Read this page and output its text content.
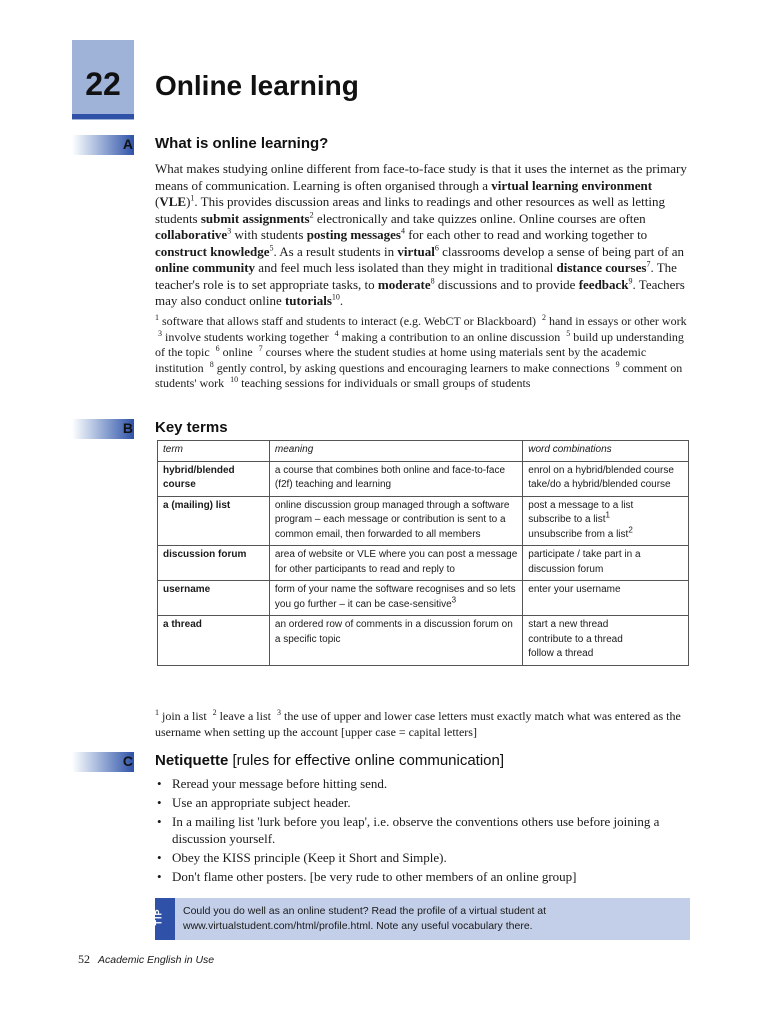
22	Online learning
A What is online learning?
What makes studying online different from face-to-face study is that it uses the internet as the primary means of communication. Learning is often organised through a virtual learning environment (VLE)$^1$. This provides discussion areas and links to readings and other resources as well as letting students submit assignments$^2$ electronically and take quizzes online. Online courses are often collaborative$^3$ with students posting messages$^4$ for each other to read and working together to construct knowledge$^5$. As a result students in virtual$^6$ classrooms develop a sense of being part of an online community and feel much less isolated than they might in traditional distance courses$^7$. The teacher's role is to set appropriate tasks, to moderate$^8$ discussions and to provide feedback$^9$. Teachers may also conduct online tutorials$^{10}$.
$^1$ software that allows staff and students to interact (e.g. WebCT or Blackboard)  $^2$ hand in essays or other work  $^3$ involve students working together  $^4$ making a contribution to an online discussion  $^5$ build up understanding of the topic  $^6$ online  $^7$ courses where the student studies at home using materials sent by the academic institution  $^8$ gently control, by asking questions and encouraging learners to make connections  $^9$ comment on students' work  $^{10}$ teaching sessions for individuals or small groups of students
B Key terms
term	meaning	word combinations
hybrid/blended course	a course that combines both online and face-to-face (f2f) teaching and learning	enrol on a hybrid/blended course
take/do a hybrid/blended course
a (mailing) list	online discussion group managed through a software program – each message or contribution is sent to a common email, then forwarded to all members	post a message to a list
subscribe to a list$^1$
unsubscribe from a list$^2$
discussion forum	area of website or VLE where you can post a message for other participants to read and reply to	participate / take part in a discussion forum
username	form of your name the software recognises and so lets you go further – it can be case-sensitive$^3$	enter your username
a thread	an ordered row of comments in a discussion forum on a specific topic	start a new thread
contribute to a thread
follow a thread
$^1$ join a list  $^2$ leave a list  $^3$ the use of upper and lower case letters must exactly match what was entered as the username when setting up the account [upper case = capital letters]
C Netiquette [rules for effective online communication]
• Reread your message before hitting send.
• Use an appropriate subject header.
• In a mailing list 'lurk before you leap', i.e. observe the conventions others use before joining a discussion yourself.
• Obey the KISS principle (Keep it Short and Simple).
• Don't flame other posters. [be very rude to other members of an online group]
TIP Could you do well as an online student? Read the profile of a virtual student at www.virtualstudent.com/html/profile.html. Note any useful vocabulary there.
52 Academic English in Use
